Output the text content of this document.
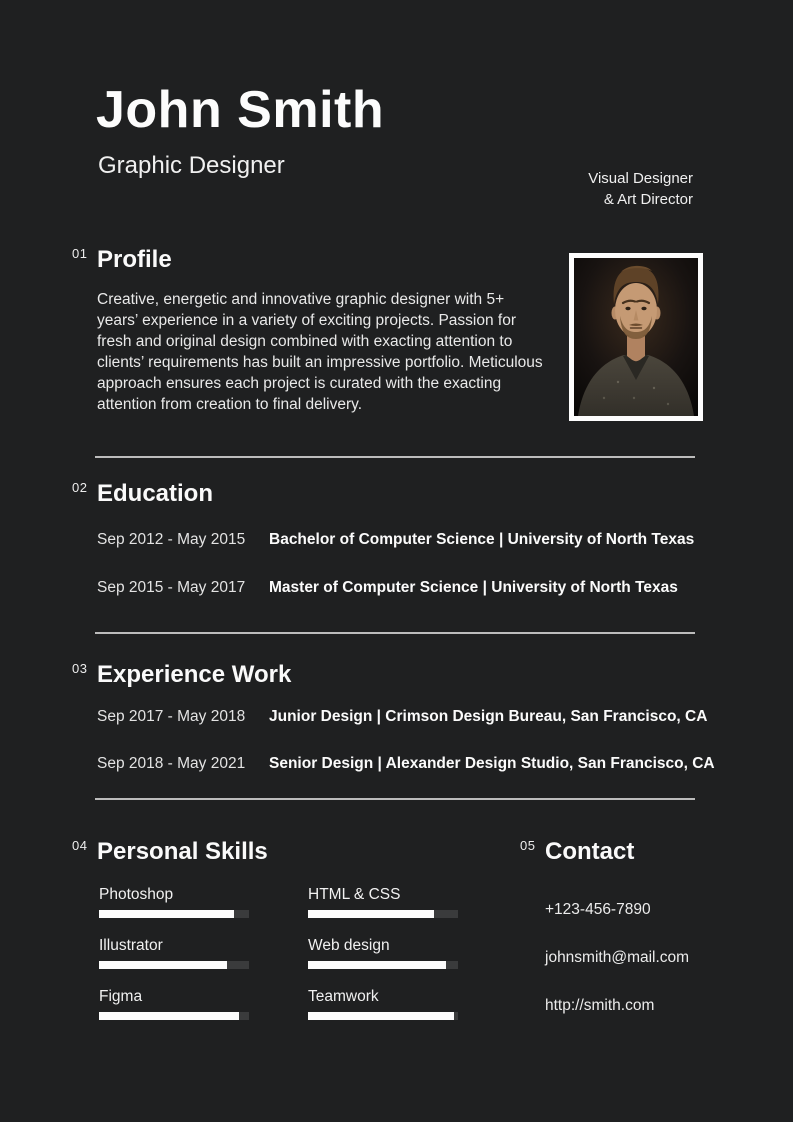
John Smith
Graphic Designer	Visual Designer
& Art Director
01 Profile
Creative, energetic and innovative graphic designer with 5+ years’ experience in a variety of exciting projects. Passion for fresh and original design combined with exacting attention to clients’ requirements has built an impressive portfolio. Meticulous approach ensures each project is curated with the exacting attention from creation to final delivery.
02 Education
Sep 2012 - May 2015	Bachelor of Computer Science | University of North Texas
Sep 2015 - May 2017	Master of Computer Science | University of North Texas
03 Experience Work
Sep 2017 - May 2018	Junior Design | Crimson Design Bureau, San Francisco, CA
Sep 2018 - May 2021	Senior Design | Alexander Design Studio, San Francisco, CA
04 Personal Skills
Photoshop
Illustrator
Figma
HTML & CSS
Web design
Teamwork
05 Contact
+123-456-7890
johnsmith@mail.com
http://smith.com
